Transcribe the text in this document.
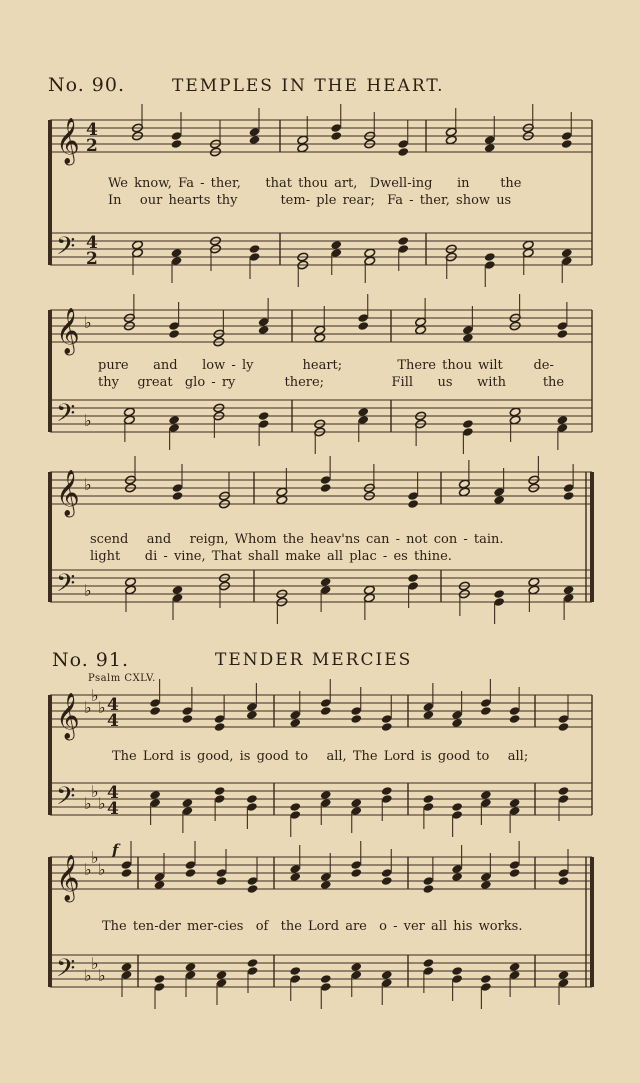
No. 90.	TEMPLES IN THE HEART.
𝄞
𝄢
4
2
4
2
We know, Fa - ther, that thou art, Dwell-ing in the
In our hearts thy	tem- ple rear; Fa - ther, show us
𝄞
𝄢
♭
♭
pure and low - ly	heart;	There thou wilt de-
thy great glo - ry	there;	Fill us with	the
𝄞
𝄢
♭
♭
scend and reign, Whom the heav'ns can - not con - tain.
light di - vine, That shall make all plac - es thine.
No. 91.	TENDER MERCIES
Psalm CXLV.
𝄞
𝄢
♭
♭
♭
♭
♭
♭
4
4
4
4
The Lord is good, is good to all, The Lord is good to all;
𝄞
𝄢
♭
♭
♭
♭
♭
♭
f
The ten-der mer-cies of the Lord are o - ver all his works.
